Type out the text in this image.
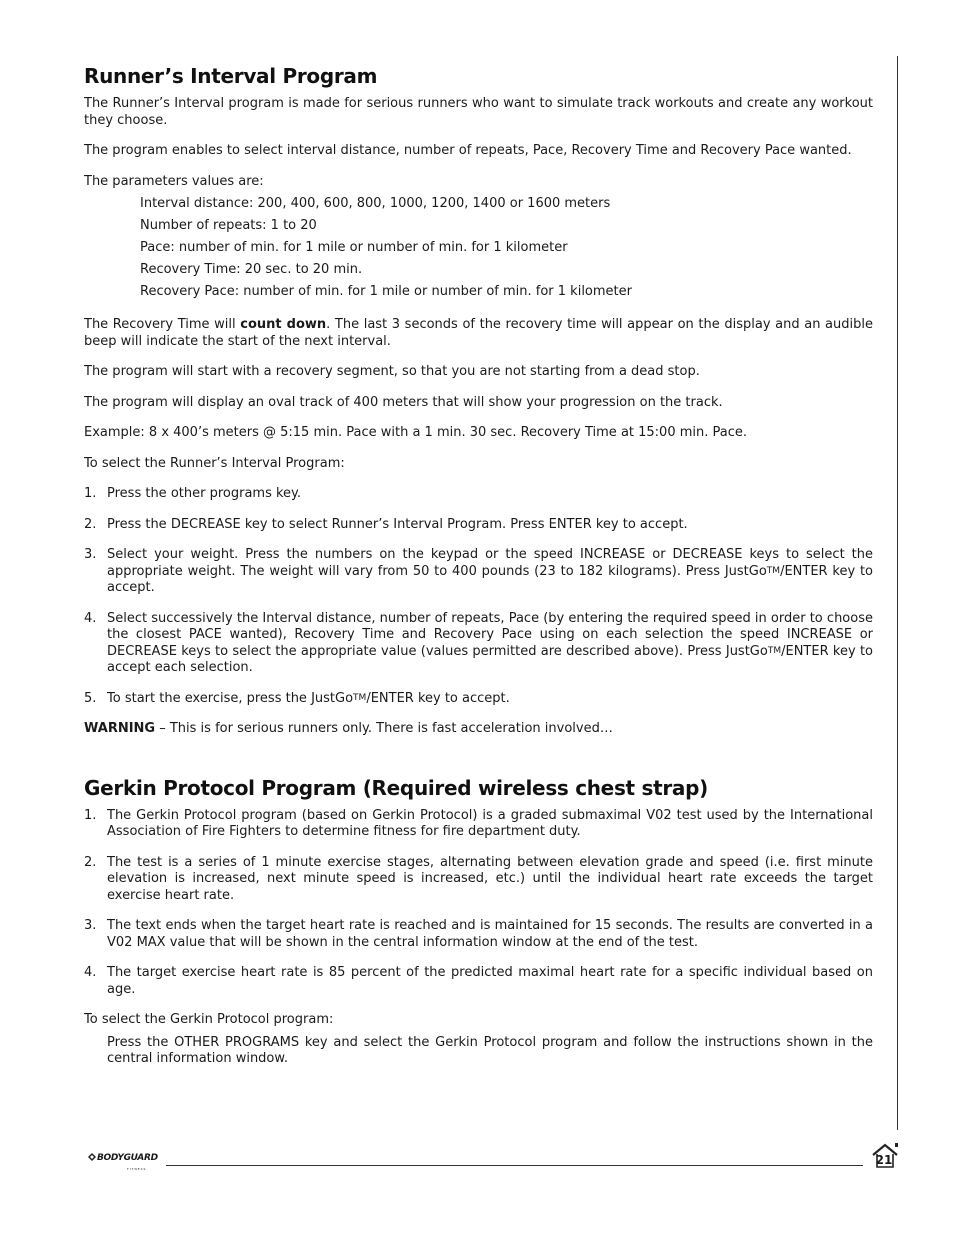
Runner’s Interval Program

The Runner’s Interval program is made for serious runners who want to simulate track workouts and create any workout they choose.

The program enables to select interval distance, number of repeats, Pace, Recovery Time and Recovery Pace wanted.

The parameters values are:

Interval distance: 200, 400, 600, 800, 1000, 1200, 1400 or 1600 meters
Number of repeats: 1 to 20
Pace: number of min. for 1 mile or number of min. for 1 kilometer
Recovery Time: 20 sec. to 20 min.
Recovery Pace: number of min. for 1 mile or number of min. for 1 kilometer

The Recovery Time will count down. The last 3 seconds of the recovery time will appear on the display and an audible beep will indicate the start of the next interval.

The program will start with a recovery segment, so that you are not starting from a dead stop.

The program will display an oval track of 400 meters that will show your progression on the track.

Example: 8 x 400’s meters @ 5:15 min. Pace with a 1 min. 30 sec. Recovery Time at 15:00 min. Pace.

To select the Runner’s Interval Program:

1. Press the other programs key.
2. Press the DECREASE key to select Runner’s Interval Program. Press ENTER key to accept.
3. Select your weight. Press the numbers on the keypad or the speed INCREASE or DECREASE keys to select the appropriate weight. The weight will vary from 50 to 400 pounds (23 to 182 kilograms). Press JustGo™/ENTER key to accept.
4. Select successively the Interval distance, number of repeats, Pace (by entering the required speed in order to choose the closest PACE wanted), Recovery Time and Recovery Pace using on each selection the speed INCREASE or DECREASE keys to select the appropriate value (values permitted are described above). Press JustGo™/ENTER key to accept each selection.
5. To start the exercise, press the JustGo™/ENTER key to accept.

WARNING – This is for serious runners only. There is fast acceleration involved…

Gerkin Protocol Program (Required wireless chest strap)
1. The Gerkin Protocol program (based on Gerkin Protocol) is a graded submaximal V02 test used by the International Association of Fire Fighters to determine fitness for fire department duty.
2. The test is a series of 1 minute exercise stages, alternating between elevation grade and speed (i.e. first minute elevation is increased, next minute speed is increased, etc.) until the individual heart rate exceeds the target exercise heart rate.
3. The text ends when the target heart rate is reached and is maintained for 15 seconds. The results are converted in a V02 MAX value that will be shown in the central information window at the end of the test.
4. The target exercise heart rate is 85 percent of the predicted maximal heart rate for a specific individual based on age.

To select the Gerkin Protocol program:

Press the OTHER PROGRAMS key and select the Gerkin Protocol program and follow the instructions shown in the central information window.

BODYGUARD
FITNESS
21
